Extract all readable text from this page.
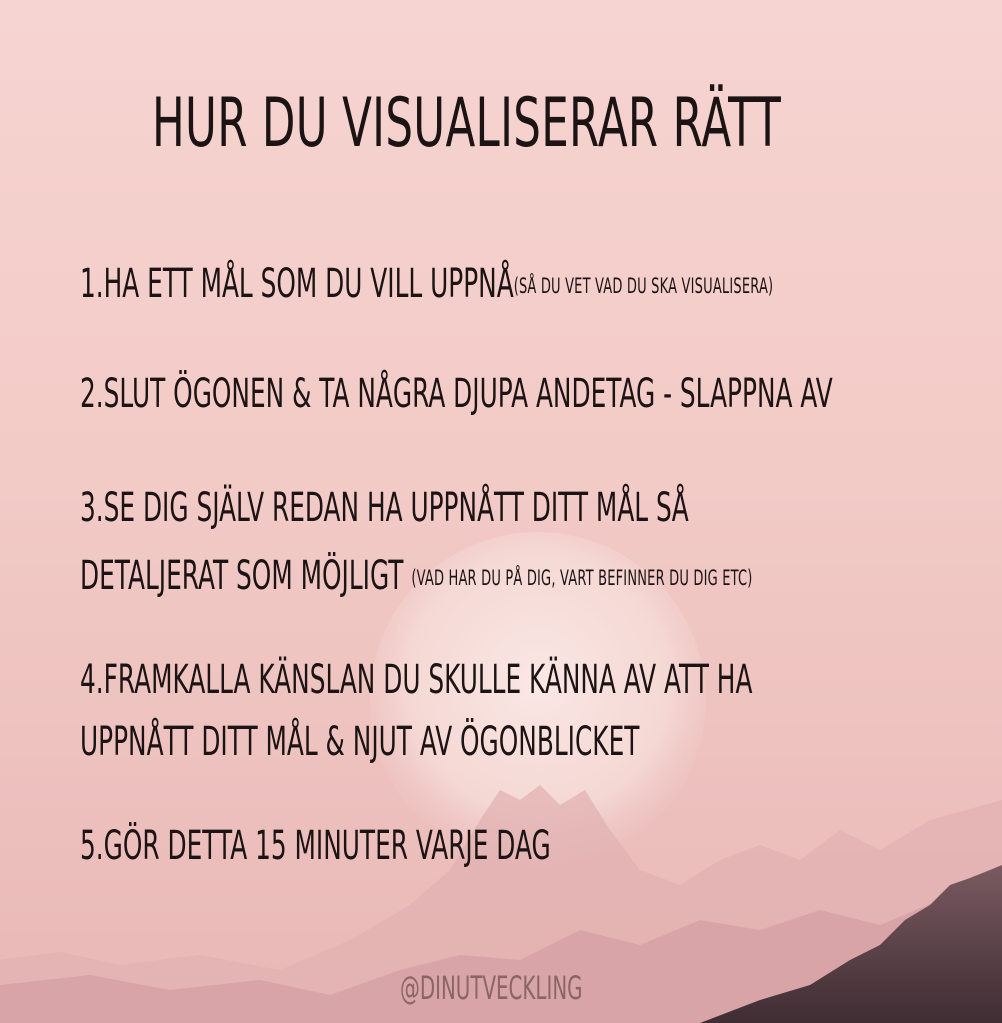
HUR DU VISUALISERAR RÄTT

1.HA ETT MÅL SOM DU VILL UPPNÅ(SÅ DU VET VAD DU SKA VISUALISERA)

2.SLUT ÖGONEN & TA NÅGRA DJUPA ANDETAG - SLAPPNA AV

3.SE DIG SJÄLV REDAN HA UPPNÅTT DITT MÅL SÅ

DETALJERAT SOM MÖJLIGT (VAD HAR DU PÅ DIG, VART BEFINNER DU DIG ETC)

4.FRAMKALLA KÄNSLAN DU SKULLE KÄNNA AV ATT HA

UPPNÅTT DITT MÅL & NJUT AV ÖGONBLICKET

5.GÖR DETTA 15 MINUTER VARJE DAG

@DINUTVECKLING
